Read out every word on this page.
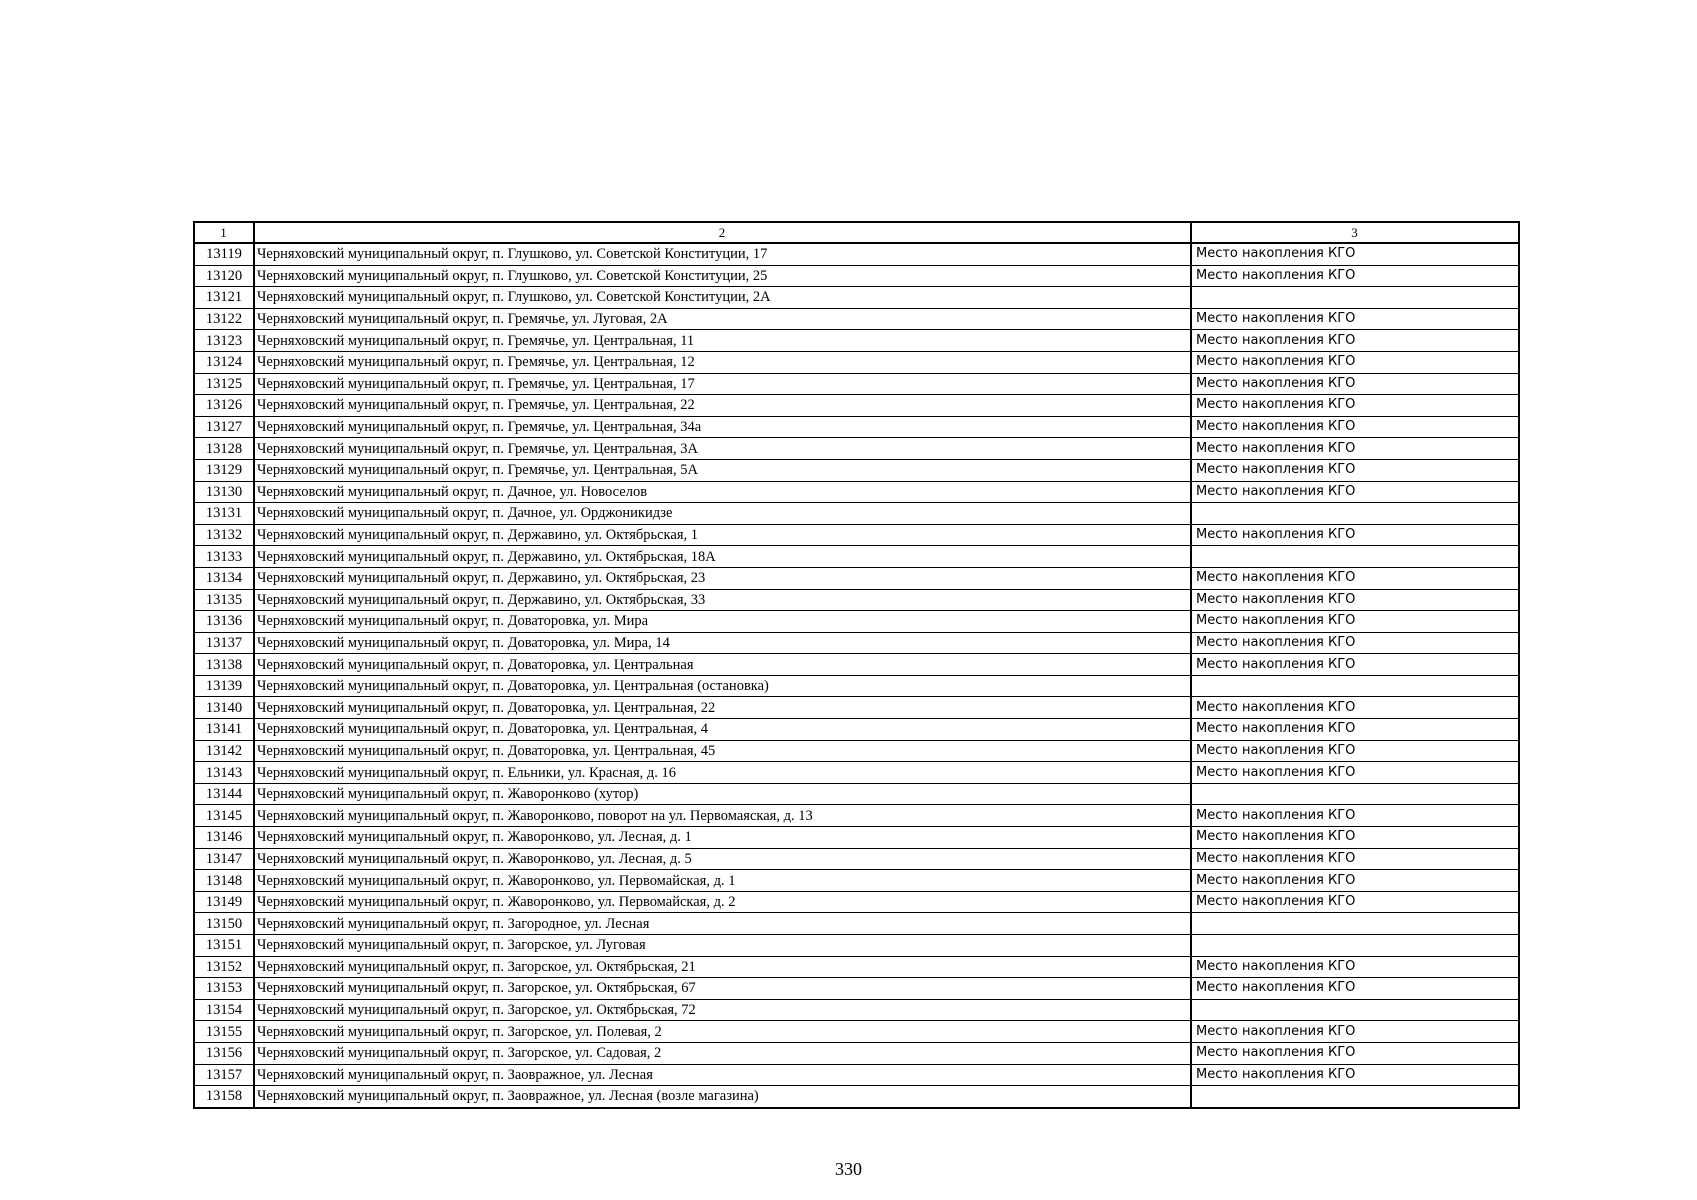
1	2	3
13119	Черняховский муниципальный округ, п. Глушково, ул. Советской Конституции, 17	Место накопления КГО
13120	Черняховский муниципальный округ, п. Глушково, ул. Советской Конституции, 25	Место накопления КГО
13121	Черняховский муниципальный округ, п. Глушково, ул. Советской Конституции, 2А	
13122	Черняховский муниципальный округ, п. Гремячье, ул. Луговая, 2А	Место накопления КГО
13123	Черняховский муниципальный округ, п. Гремячье, ул. Центральная, 11	Место накопления КГО
13124	Черняховский муниципальный округ, п. Гремячье, ул. Центральная, 12	Место накопления КГО
13125	Черняховский муниципальный округ, п. Гремячье, ул. Центральная, 17	Место накопления КГО
13126	Черняховский муниципальный округ, п. Гремячье, ул. Центральная, 22	Место накопления КГО
13127	Черняховский муниципальный округ, п. Гремячье, ул. Центральная, 34а	Место накопления КГО
13128	Черняховский муниципальный округ, п. Гремячье, ул. Центральная, 3А	Место накопления КГО
13129	Черняховский муниципальный округ, п. Гремячье, ул. Центральная, 5А	Место накопления КГО
13130	Черняховский муниципальный округ, п. Дачное, ул. Новоселов	Место накопления КГО
13131	Черняховский муниципальный округ, п. Дачное, ул. Орджоникидзе	
13132	Черняховский муниципальный округ, п. Державино, ул. Октябрьская, 1	Место накопления КГО
13133	Черняховский муниципальный округ, п. Державино, ул. Октябрьская, 18А	
13134	Черняховский муниципальный округ, п. Державино, ул. Октябрьская, 23	Место накопления КГО
13135	Черняховский муниципальный округ, п. Державино, ул. Октябрьская, 33	Место накопления КГО
13136	Черняховский муниципальный округ, п. Доваторовка, ул. Мира	Место накопления КГО
13137	Черняховский муниципальный округ, п. Доваторовка, ул. Мира, 14	Место накопления КГО
13138	Черняховский муниципальный округ, п. Доваторовка, ул. Центральная	Место накопления КГО
13139	Черняховский муниципальный округ, п. Доваторовка, ул. Центральная (остановка)	
13140	Черняховский муниципальный округ, п. Доваторовка, ул. Центральная, 22	Место накопления КГО
13141	Черняховский муниципальный округ, п. Доваторовка, ул. Центральная, 4	Место накопления КГО
13142	Черняховский муниципальный округ, п. Доваторовка, ул. Центральная, 45	Место накопления КГО
13143	Черняховский муниципальный округ, п. Ельники, ул. Красная, д. 16	Место накопления КГО
13144	Черняховский муниципальный округ, п. Жаворонково (хутор)	
13145	Черняховский муниципальный округ, п. Жаворонково, поворот на ул. Первомаяская, д. 13	Место накопления КГО
13146	Черняховский муниципальный округ, п. Жаворонково, ул. Лесная, д. 1	Место накопления КГО
13147	Черняховский муниципальный округ, п. Жаворонково, ул. Лесная, д. 5	Место накопления КГО
13148	Черняховский муниципальный округ, п. Жаворонково, ул. Первомайская, д. 1	Место накопления КГО
13149	Черняховский муниципальный округ, п. Жаворонково, ул. Первомайская, д. 2	Место накопления КГО
13150	Черняховский муниципальный округ, п. Загородное, ул. Лесная	
13151	Черняховский муниципальный округ, п. Загорское, ул. Луговая	
13152	Черняховский муниципальный округ, п. Загорское, ул. Октябрьская, 21	Место накопления КГО
13153	Черняховский муниципальный округ, п. Загорское, ул. Октябрьская, 67	Место накопления КГО
13154	Черняховский муниципальный округ, п. Загорское, ул. Октябрьская, 72	
13155	Черняховский муниципальный округ, п. Загорское, ул. Полевая, 2	Место накопления КГО
13156	Черняховский муниципальный округ, п. Загорское, ул. Садовая, 2	Место накопления КГО
13157	Черняховский муниципальный округ, п. Заовражное, ул. Лесная	Место накопления КГО
13158	Черняховский муниципальный округ, п. Заовражное, ул. Лесная (возле магазина)	
330
